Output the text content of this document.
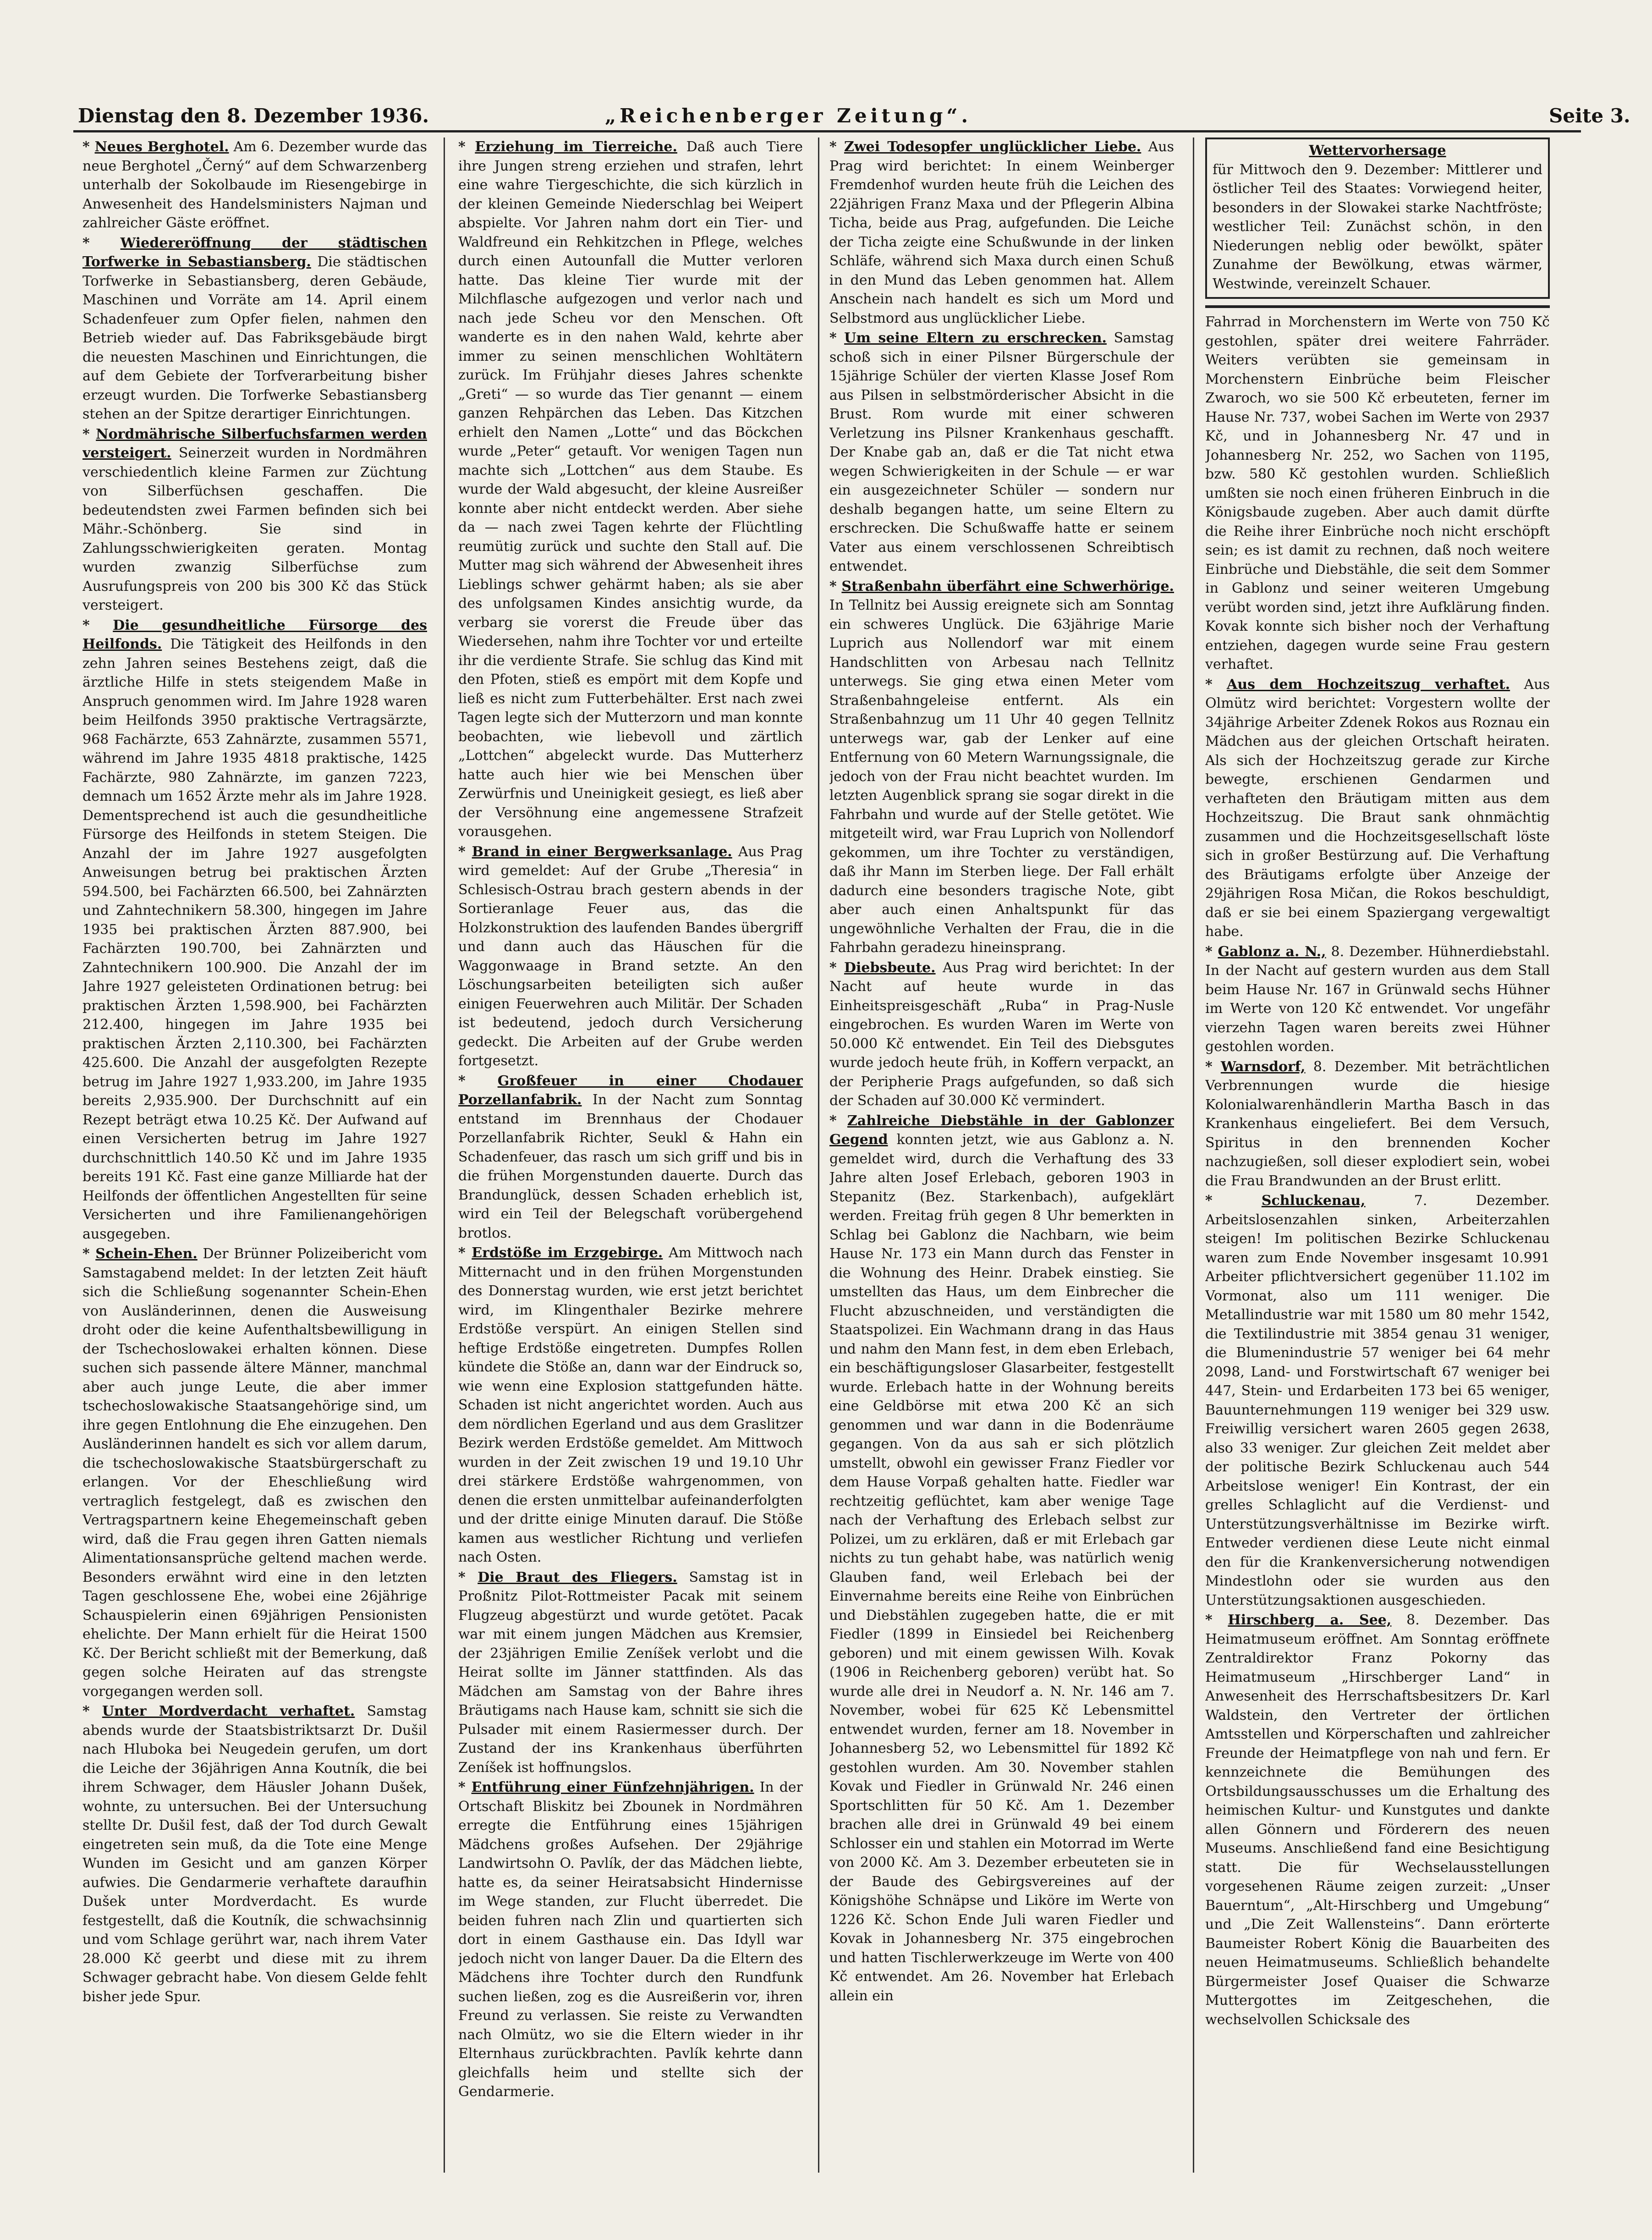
Dienstag den 8. Dezember 1936.	„Reichenberger Zeitung“.	Seite 3.

* Neues Berghotel. Am 6. Dezember wurde das neue Berghotel „Černý“ auf dem Schwarzenberg unterhalb der Sokolbaude im Riesengebirge in Anwesenheit des Handelsministers Najman und zahlreicher Gäste eröffnet.

* Wiedereröffnung der städtischen Torfwerke in Sebastiansberg. Die städtischen Torfwerke in Sebastiansberg, deren Gebäude, Maschinen und Vorräte am 14. April einem Schadenfeuer zum Opfer fielen, nahmen den Betrieb wieder auf. Das Fabriksgebäude birgt die neuesten Maschinen und Einrichtungen, die auf dem Gebiete der Torfverarbeitung bisher erzeugt wurden. Die Torfwerke Sebastiansberg stehen an der Spitze derartiger Einrichtungen.

* Nordmährische Silberfuchsfarmen werden versteigert. Seinerzeit wurden in Nordmähren verschiedentlich kleine Farmen zur Züchtung von Silberfüchsen geschaffen. Die bedeutendsten zwei Farmen befinden sich bei Mähr.-Schönberg. Sie sind in Zahlungsschwierigkeiten geraten. Montag wurden zwanzig Silberfüchse zum Ausrufungspreis von 200 bis 300 Kč das Stück versteigert.

* Die gesundheitliche Fürsorge des Heilfonds. Die Tätigkeit des Heilfonds in den zehn Jahren seines Bestehens zeigt, daß die ärztliche Hilfe in stets steigendem Maße in Anspruch genommen wird. Im Jahre 1928 waren beim Heilfonds 3950 praktische Vertragsärzte, 968 Fachärzte, 653 Zahnärzte, zusammen 5571, während im Jahre 1935 4818 praktische, 1425 Fachärzte, 980 Zahnärzte, im ganzen 7223, demnach um 1652 Ärzte mehr als im Jahre 1928. Dementsprechend ist auch die gesundheitliche Fürsorge des Heilfonds in stetem Steigen. Die Anzahl der im Jahre 1927 ausgefolgten Anweisungen betrug bei praktischen Ärzten 594.500, bei Fachärzten 66.500, bei Zahnärzten und Zahntechnikern 58.300, hingegen im Jahre 1935 bei praktischen Ärzten 887.900, bei Fachärzten 190.700, bei Zahnärzten und Zahntechnikern 100.900. Die Anzahl der im Jahre 1927 geleisteten Ordinationen betrug: bei praktischen Ärzten 1,598.900, bei Fachärzten 212.400, hingegen im Jahre 1935 bei praktischen Ärzten 2,110.300, bei Fachärzten 425.600. Die Anzahl der ausgefolgten Rezepte betrug im Jahre 1927 1,933.200, im Jahre 1935 bereits 2,935.900. Der Durchschnitt auf ein Rezept beträgt etwa 10.25 Kč. Der Aufwand auf einen Versicherten betrug im Jahre 1927 durchschnittlich 140.50 Kč und im Jahre 1935 bereits 191 Kč. Fast eine ganze Milliarde hat der Heilfonds der öffentlichen Angestellten für seine Versicherten und ihre Familienangehörigen ausgegeben.

* Schein-Ehen. Der Brünner Polizeibericht vom Samstagabend meldet: In der letzten Zeit häuft sich die Schließung sogenannter Schein-Ehen von Ausländerinnen, denen die Ausweisung droht oder die keine Aufenthaltsbewilligung in der Tschechoslowakei erhalten können. Diese suchen sich passende ältere Männer, manchmal aber auch junge Leute, die aber immer tschechoslowakische Staatsangehörige sind, um ihre gegen Entlohnung die Ehe einzugehen. Den Ausländerinnen handelt es sich vor allem darum, die tschechoslowakische Staatsbürgerschaft zu erlangen. Vor der Eheschließung wird vertraglich festgelegt, daß es zwischen den Vertragspartnern keine Ehegemeinschaft geben wird, daß die Frau gegen ihren Gatten niemals Alimentationsansprüche geltend machen werde. Besonders erwähnt wird eine in den letzten Tagen geschlossene Ehe, wobei eine 26jährige Schauspielerin einen 69jährigen Pensionisten ehelichte. Der Mann erhielt für die Heirat 1500 Kč. Der Bericht schließt mit der Bemerkung, daß gegen solche Heiraten auf das strengste vorgegangen werden soll.

* Unter Mordverdacht verhaftet. Samstag abends wurde der Staatsbistriktsarzt Dr. Dušil nach Hluboka bei Neugedein gerufen, um dort die Leiche der 36jährigen Anna Koutník, die bei ihrem Schwager, dem Häusler Johann Dušek, wohnte, zu untersuchen. Bei der Untersuchung stellte Dr. Dušil fest, daß der Tod durch Gewalt eingetreten sein muß, da die Tote eine Menge Wunden im Gesicht und am ganzen Körper aufwies. Die Gendarmerie verhaftete daraufhin Dušek unter Mordverdacht. Es wurde festgestellt, daß die Koutník, die schwachsinnig und vom Schlage gerührt war, nach ihrem Vater 28.000 Kč geerbt und diese mit zu ihrem Schwager gebracht habe. Von diesem Gelde fehlt bisher jede Spur.

* Erziehung im Tierreiche. Daß auch Tiere ihre Jungen streng erziehen und strafen, lehrt eine wahre Tiergeschichte, die sich kürzlich in der kleinen Gemeinde Niederschlag bei Weipert abspielte. Vor Jahren nahm dort ein Tier- und Waldfreund ein Rehkitzchen in Pflege, welches durch einen Autounfall die Mutter verloren hatte. Das kleine Tier wurde mit der Milchflasche aufgezogen und verlor nach und nach jede Scheu vor den Menschen. Oft wanderte es in den nahen Wald, kehrte aber immer zu seinen menschlichen Wohltätern zurück. Im Frühjahr dieses Jahres schenkte „Greti“ — so wurde das Tier genannt — einem ganzen Rehpärchen das Leben. Das Kitzchen erhielt den Namen „Lotte“ und das Böckchen wurde „Peter“ getauft. Vor wenigen Tagen nun machte sich „Lottchen“ aus dem Staube. Es wurde der Wald abgesucht, der kleine Ausreißer konnte aber nicht entdeckt werden. Aber siehe da — nach zwei Tagen kehrte der Flüchtling reumütig zurück und suchte den Stall auf. Die Mutter mag sich während der Abwesenheit ihres Lieblings schwer gehärmt haben; als sie aber des unfolgsamen Kindes ansichtig wurde, da verbarg sie vorerst die Freude über das Wiedersehen, nahm ihre Tochter vor und erteilte ihr die verdiente Strafe. Sie schlug das Kind mit den Pfoten, stieß es empört mit dem Kopfe und ließ es nicht zum Futterbehälter. Erst nach zwei Tagen legte sich der Mutterzorn und man konnte beobachten, wie liebevoll und zärtlich „Lottchen“ abgeleckt wurde. Das Mutterherz hatte auch hier wie bei Menschen über Zerwürfnis und Uneinigkeit gesiegt, es ließ aber der Versöhnung eine angemessene Strafzeit vorausgehen.

* Brand in einer Bergwerksanlage. Aus Prag wird gemeldet: Auf der Grube „Theresia“ in Schlesisch-Ostrau brach gestern abends in der Sortieranlage Feuer aus, das die Holzkonstruktion des laufenden Bandes übergriff und dann auch das Häuschen für die Waggonwaage in Brand setzte. An den Löschungsarbeiten beteiligten sich außer einigen Feuerwehren auch Militär. Der Schaden ist bedeutend, jedoch durch Versicherung gedeckt. Die Arbeiten auf der Grube werden fortgesetzt.

* Großfeuer in einer Chodauer Porzellanfabrik. In der Nacht zum Sonntag entstand im Brennhaus der Chodauer Porzellanfabrik Richter, Seukl & Hahn ein Schadenfeuer, das rasch um sich griff und bis in die frühen Morgenstunden dauerte. Durch das Brandunglück, dessen Schaden erheblich ist, wird ein Teil der Belegschaft vorübergehend brotlos.

* Erdstöße im Erzgebirge. Am Mittwoch nach Mitternacht und in den frühen Morgenstunden des Donnerstag wurden, wie erst jetzt berichtet wird, im Klingenthaler Bezirke mehrere Erdstöße verspürt. An einigen Stellen sind heftige Erdstöße eingetreten. Dumpfes Rollen kündete die Stöße an, dann war der Eindruck so, wie wenn eine Explosion stattgefunden hätte. Schaden ist nicht angerichtet worden. Auch aus dem nördlichen Egerland und aus dem Graslitzer Bezirk werden Erdstöße gemeldet. Am Mittwoch wurden in der Zeit zwischen 19 und 19.10 Uhr drei stärkere Erdstöße wahrgenommen, von denen die ersten unmittelbar aufeinanderfolgten und der dritte einige Minuten darauf. Die Stöße kamen aus westlicher Richtung und verliefen nach Osten.

* Die Braut des Fliegers. Samstag ist in Proßnitz Pilot-Rottmeister Pacak mit seinem Flugzeug abgestürzt und wurde getötet. Pacak war mit einem jungen Mädchen aus Kremsier, der 23jährigen Emilie Zeníšek verlobt und die Heirat sollte im Jänner stattfinden. Als das Mädchen am Samstag von der Bahre ihres Bräutigams nach Hause kam, schnitt sie sich die Pulsader mit einem Rasiermesser durch. Der Zustand der ins Krankenhaus überführten Zeníšek ist hoffnungslos.

* Entführung einer Fünfzehnjährigen. In der Ortschaft Bliskitz bei Zbounek in Nordmähren erregte die Entführung eines 15jährigen Mädchens großes Aufsehen. Der 29jährige Landwirtsohn O. Pavlík, der das Mädchen liebte, hatte es, da seiner Heiratsabsicht Hindernisse im Wege standen, zur Flucht überredet. Die beiden fuhren nach Zlin und quartierten sich dort in einem Gasthause ein. Das Idyll war jedoch nicht von langer Dauer. Da die Eltern des Mädchens ihre Tochter durch den Rundfunk suchen ließen, zog es die Ausreißerin vor, ihren Freund zu verlassen. Sie reiste zu Verwandten nach Olmütz, wo sie die Eltern wieder in ihr Elternhaus zurückbrachten. Pavlík kehrte dann gleichfalls heim und stellte sich der Gendarmerie.

* Zwei Todesopfer unglücklicher Liebe. Aus Prag wird berichtet: In einem Weinberger Fremdenhof wurden heute früh die Leichen des 22jährigen Franz Maxa und der Pflegerin Albina Ticha, beide aus Prag, aufgefunden. Die Leiche der Ticha zeigte eine Schußwunde in der linken Schläfe, während sich Maxa durch einen Schuß in den Mund das Leben genommen hat. Allem Anschein nach handelt es sich um Mord und Selbstmord aus unglücklicher Liebe.

* Um seine Eltern zu erschrecken. Samstag schoß sich in einer Pilsner Bürgerschule der 15jährige Schüler der vierten Klasse Josef Rom aus Pilsen in selbstmörderischer Absicht in die Brust. Rom wurde mit einer schweren Verletzung ins Pilsner Krankenhaus geschafft. Der Knabe gab an, daß er die Tat nicht etwa wegen Schwierigkeiten in der Schule — er war ein ausgezeichneter Schüler — sondern nur deshalb begangen hatte, um seine Eltern zu erschrecken. Die Schußwaffe hatte er seinem Vater aus einem verschlossenen Schreibtisch entwendet.

* Straßenbahn überfährt eine Schwerhörige. In Tellnitz bei Aussig ereignete sich am Sonntag ein schweres Unglück. Die 63jährige Marie Luprich aus Nollendorf war mit einem Handschlitten von Arbesau nach Tellnitz unterwegs. Sie ging etwa einen Meter vom Straßenbahngeleise entfernt. Als ein Straßenbahnzug um 11 Uhr 40 gegen Tellnitz unterwegs war, gab der Lenker auf eine Entfernung von 60 Metern Warnungssignale, die jedoch von der Frau nicht beachtet wurden. Im letzten Augenblick sprang sie sogar direkt in die Fahrbahn und wurde auf der Stelle getötet. Wie mitgeteilt wird, war Frau Luprich von Nollendorf gekommen, um ihre Tochter zu verständigen, daß ihr Mann im Sterben liege. Der Fall erhält dadurch eine besonders tragische Note, gibt aber auch einen Anhaltspunkt für das ungewöhnliche Verhalten der Frau, die in die Fahrbahn geradezu hineinsprang.

* Diebsbeute. Aus Prag wird berichtet: In der Nacht auf heute wurde in das Einheitspreisgeschäft „Ruba“ in Prag-Nusle eingebrochen. Es wurden Waren im Werte von 50.000 Kč entwendet. Ein Teil des Diebsgutes wurde jedoch heute früh, in Koffern verpackt, an der Peripherie Prags aufgefunden, so daß sich der Schaden auf 30.000 Kč vermindert.

* Zahlreiche Diebstähle in der Gablonzer Gegend konnten jetzt, wie aus Gablonz a. N. gemeldet wird, durch die Verhaftung des 33 Jahre alten Josef Erlebach, geboren 1903 in Stepanitz (Bez. Starkenbach), aufgeklärt werden. Freitag früh gegen 8 Uhr bemerkten in Schlag bei Gablonz die Nachbarn, wie beim Hause Nr. 173 ein Mann durch das Fenster in die Wohnung des Heinr. Drabek einstieg. Sie umstellten das Haus, um dem Einbrecher die Flucht abzuschneiden, und verständigten die Staatspolizei. Ein Wachmann drang in das Haus und nahm den Mann fest, in dem eben Erlebach, ein beschäftigungsloser Glasarbeiter, festgestellt wurde. Erlebach hatte in der Wohnung bereits eine Geldbörse mit etwa 200 Kč an sich genommen und war dann in die Bodenräume gegangen. Von da aus sah er sich plötzlich umstellt, obwohl ein gewisser Franz Fiedler vor dem Hause Vorpaß gehalten hatte. Fiedler war rechtzeitig geflüchtet, kam aber wenige Tage nach der Verhaftung des Erlebach selbst zur Polizei, um zu erklären, daß er mit Erlebach gar nichts zu tun gehabt habe, was natürlich wenig Glauben fand, weil Erlebach bei der Einvernahme bereits eine Reihe von Einbrüchen und Diebstählen zugegeben hatte, die er mit Fiedler (1899 in Einsiedel bei Reichenberg geboren) und mit einem gewissen Wilh. Kovak (1906 in Reichenberg geboren) verübt hat. So wurde alle drei in Neudorf a. N. Nr. 146 am 7. November, wobei für 625 Kč Lebensmittel entwendet wurden, ferner am 18. November in Johannesberg 52, wo Lebensmittel für 1892 Kč gestohlen wurden. Am 30. November stahlen Kovak und Fiedler in Grünwald Nr. 246 einen Sportschlitten für 50 Kč. Am 1. Dezember brachen alle drei in Grünwald 49 bei einem Schlosser ein und stahlen ein Motorrad im Werte von 2000 Kč. Am 3. Dezember erbeuteten sie in der Baude des Gebirgsvereines auf der Königshöhe Schnäpse und Liköre im Werte von 1226 Kč. Schon Ende Juli waren Fiedler und Kovak in Johannesberg Nr. 375 eingebrochen und hatten Tischlerwerkzeuge im Werte von 400 Kč entwendet. Am 26. November hat Erlebach allein ein

Wettervorhersage
für Mittwoch den 9. Dezember: Mittlerer und östlicher Teil des Staates: Vorwiegend heiter, besonders in der Slowakei starke Nachtfröste; westlicher Teil: Zunächst schön, in den Niederungen neblig oder bewölkt, später Zunahme der Bewölkung, etwas wärmer, Westwinde, vereinzelt Schauer.

Fahrrad in Morchenstern im Werte von 750 Kč gestohlen, später drei weitere Fahrräder. Weiters verübten sie gemeinsam in Morchenstern Einbrüche beim Fleischer Zwaroch, wo sie 500 Kč erbeuteten, ferner im Hause Nr. 737, wobei Sachen im Werte von 2937 Kč, und in Johannesberg Nr. 47 und in Johannesberg Nr. 252, wo Sachen von 1195, bzw. 580 Kč gestohlen wurden. Schließlich umßten sie noch einen früheren Einbruch in die Königsbaude zugeben. Aber auch damit dürfte die Reihe ihrer Einbrüche noch nicht erschöpft sein; es ist damit zu rechnen, daß noch weitere Einbrüche und Diebstähle, die seit dem Sommer in Gablonz und seiner weiteren Umgebung verübt worden sind, jetzt ihre Aufklärung finden. Kovak konnte sich bisher noch der Verhaftung entziehen, dagegen wurde seine Frau gestern verhaftet.

* Aus dem Hochzeitszug verhaftet. Aus Olmütz wird berichtet: Vorgestern wollte der 34jährige Arbeiter Zdenek Rokos aus Roznau ein Mädchen aus der gleichen Ortschaft heiraten. Als sich der Hochzeitszug gerade zur Kirche bewegte, erschienen Gendarmen und verhafteten den Bräutigam mitten aus dem Hochzeitszug. Die Braut sank ohnmächtig zusammen und die Hochzeitsgesellschaft löste sich in großer Bestürzung auf. Die Verhaftung des Bräutigams erfolgte über Anzeige der 29jährigen Rosa Mičan, die Rokos beschuldigt, daß er sie bei einem Spaziergang vergewaltigt habe.

* Gablonz a. N., 8. Dezember. Hühnerdiebstahl. In der Nacht auf gestern wurden aus dem Stall beim Hause Nr. 167 in Grünwald sechs Hühner im Werte von 120 Kč entwendet. Vor ungefähr vierzehn Tagen waren bereits zwei Hühner gestohlen worden.

* Warnsdorf, 8. Dezember. Mit beträchtlichen Verbrennungen wurde die hiesige Kolonialwarenhändlerin Martha Basch in das Krankenhaus eingeliefert. Bei dem Versuch, Spiritus in den brennenden Kocher nachzugießen, soll dieser explodiert sein, wobei die Frau Brandwunden an der Brust erlitt.

* Schluckenau,	7. Dezember. Arbeitslosenzahlen sinken, Arbeiterzahlen steigen! Im politischen Bezirke Schluckenau waren zum Ende November insgesamt 10.991 Arbeiter pflichtversichert gegenüber 11.102 im Vormonat, also um 111 weniger. Die Metallindustrie war mit 1580 um 80 mehr 1542, die Textilindustrie mit 3854 genau 31 weniger, die Blumenindustrie 57 weniger bei 64 mehr 2098, Land- und Forstwirtschaft 67 weniger bei 447, Stein- und Erdarbeiten 173 bei 65 weniger, Bauunternehmungen 119 weniger bei 329 usw. Freiwillig versichert waren 2605 gegen 2638, also 33 weniger. Zur gleichen Zeit meldet aber der politische Bezirk Schluckenau auch 544 Arbeitslose weniger! Ein Kontrast, der ein grelles Schlaglicht auf die Verdienst- und Unterstützungsverhältnisse im Bezirke wirft. Entweder verdienen diese Leute nicht einmal den für die Krankenversicherung notwendigen Mindestlohn oder sie wurden aus den Unterstützungsaktionen ausgeschieden.

* Hirschberg a. See, 8. Dezember. Das Heimatmuseum eröffnet. Am Sonntag eröffnete Zentraldirektor Franz Pokorny das Heimatmuseum „Hirschberger Land“ in Anwesenheit des Herrschaftsbesitzers Dr. Karl Waldstein, den Vertreter der örtlichen Amtsstellen und Körperschaften und zahlreicher Freunde der Heimatpflege von nah und fern. Er kennzeichnete die Bemühungen des Ortsbildungsausschusses um die Erhaltung des heimischen Kultur- und Kunstgutes und dankte allen Gönnern und Förderern des neuen Museums. Anschließend fand eine Besichtigung statt. Die für Wechselausstellungen vorgesehenen Räume zeigen zurzeit: „Unser Bauerntum“, „Alt-Hirschberg und Umgebung“ und „Die Zeit Wallensteins“. Dann erörterte Baumeister Robert König die Bauarbeiten des neuen Heimatmuseums. Schließlich behandelte Bürgermeister Josef Quaiser die Schwarze Muttergottes im Zeitgeschehen, die wechselvollen Schicksale des
